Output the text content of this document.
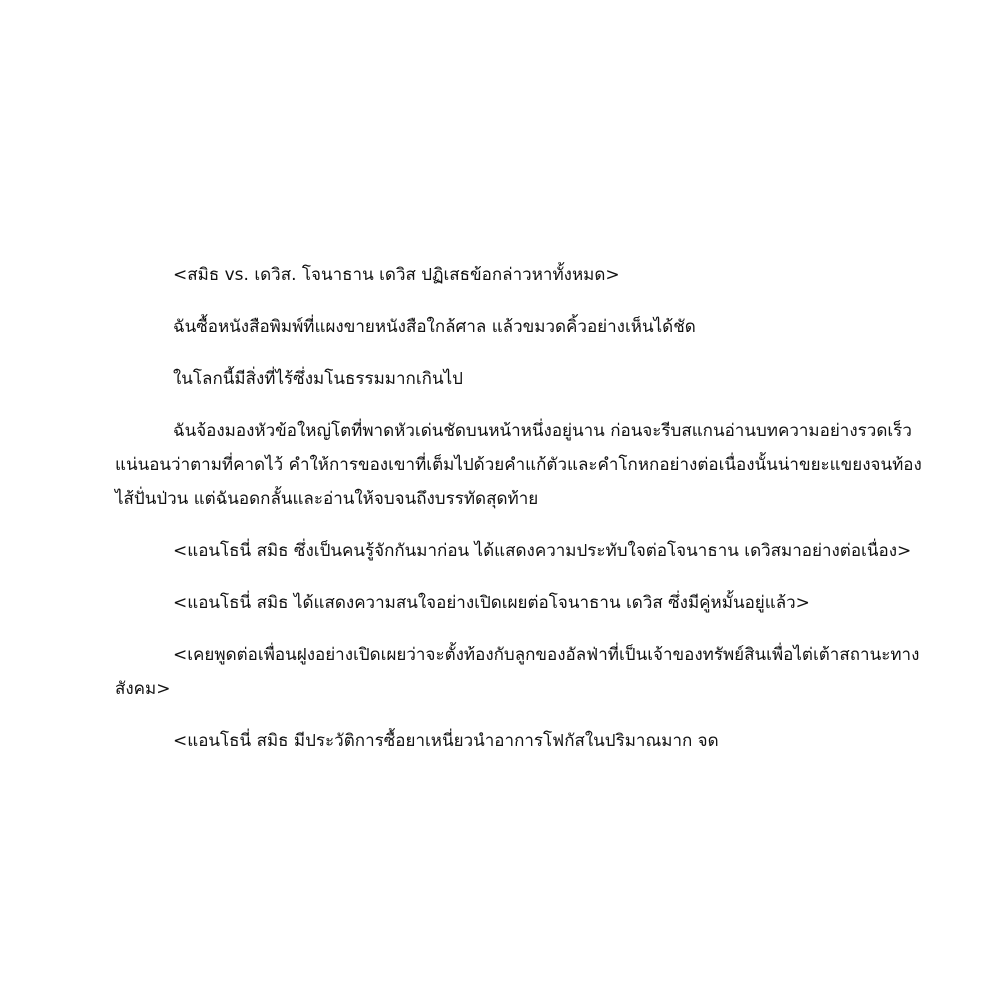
<สมิธ vs. เดวิส. โจนาธาน เดวิส ปฏิเสธข้อกล่าวหาทั้งหมด>

ฉันซื้อหนังสือพิมพ์ที่แผงขายหนังสือใกล้ศาล แล้วขมวดคิ้วอย่างเห็นได้ชัด

ในโลกนี้มีสิ่งที่ไร้ซึ่งมโนธรรมมากเกินไป

ฉันจ้องมองหัวข้อใหญ่โตที่พาดหัวเด่นชัดบนหน้าหนึ่งอยู่นาน ก่อนจะรีบสแกนอ่านบทความอย่างรวดเร็ว แน่นอนว่าตามที่คาดไว้ คำให้การของเขาที่เต็มไปด้วยคำแก้ตัวและคำโกหกอย่างต่อเนื่องนั้นน่าขยะแขยงจนท้องไส้ปั่นป่วน แต่ฉันอดกลั้นและอ่านให้จบจนถึงบรรทัดสุดท้าย

<แอนโธนี่ สมิธ ซึ่งเป็นคนรู้จักกันมาก่อน ได้แสดงความประทับใจต่อโจนาธาน เดวิสมาอย่างต่อเนื่อง>

<แอนโธนี่ สมิธ ได้แสดงความสนใจอย่างเปิดเผยต่อโจนาธาน เดวิส ซึ่งมีคู่หมั้นอยู่แล้ว>

<เคยพูดต่อเพื่อนฝูงอย่างเปิดเผยว่าจะตั้งท้องกับลูกของอัลฟ่าที่เป็นเจ้าของทรัพย์สินเพื่อไต่เต้าสถานะทางสังคม>

<แอนโธนี่ สมิธ มีประวัติการซื้อยาเหนี่ยวนำอาการโฟกัสในปริมาณมาก จด
